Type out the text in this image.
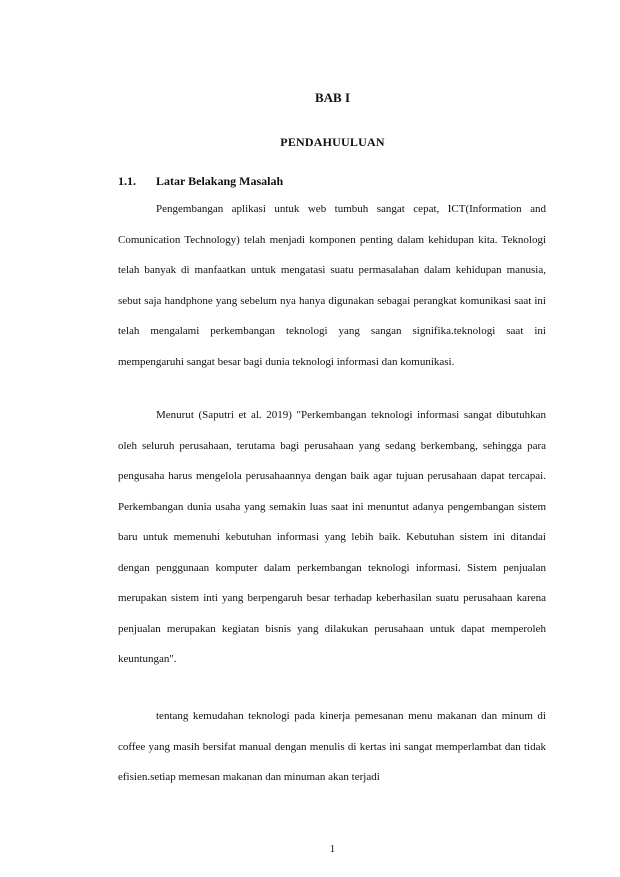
BAB I
PENDAHUULUAN
1.1. Latar Belakang Masalah

Pengembangan aplikasi untuk web tumbuh sangat cepat, ICT(Information and Comunication Technology) telah menjadi komponen penting dalam kehidupan kita. Teknologi telah banyak di manfaatkan untuk mengatasi suatu permasalahan dalam kehidupan manusia, sebut saja handphone yang sebelum nya hanya digunakan sebagai perangkat komunikasi saat ini telah mengalami perkembangan teknologi yang sangan signifika.teknologi saat ini mempengaruhi sangat besar bagi dunia teknologi informasi dan komunikasi.

Menurut (Saputri et al. 2019) "Perkembangan teknologi informasi sangat dibutuhkan oleh seluruh perusahaan, terutama bagi perusahaan yang sedang berkembang, sehingga para pengusaha harus mengelola perusahaannya dengan baik agar tujuan perusahaan dapat tercapai. Perkembangan dunia usaha yang semakin luas saat ini menuntut adanya pengembangan sistem baru untuk memenuhi kebutuhan informasi yang lebih baik. Kebutuhan sistem ini ditandai dengan penggunaan komputer dalam perkembangan teknologi informasi. Sistem penjualan merupakan sistem inti yang berpengaruh besar terhadap keberhasilan suatu perusahaan karena penjualan merupakan kegiatan bisnis yang dilakukan perusahaan untuk dapat memperoleh keuntungan".

tentang kemudahan teknologi pada kinerja pemesanan menu makanan dan minum di coffee yang masih bersifat manual dengan menulis di kertas ini sangat memperlambat dan tidak efisien.setiap memesan makanan dan minuman akan terjadi

1
